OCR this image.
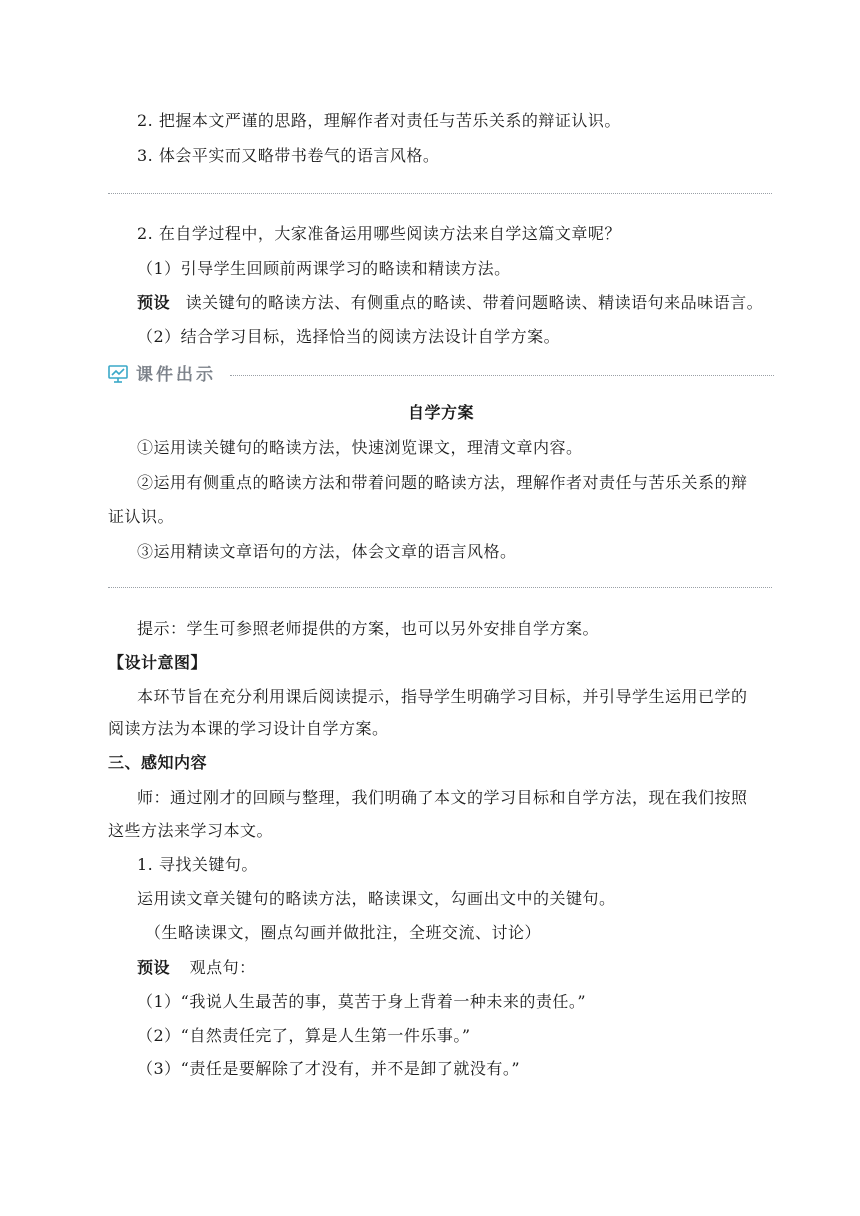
2. 把握本文严谨的思路，理解作者对责任与苦乐关系的辩证认识。
3. 体会平实而又略带书卷气的语言风格。
2. 在自学过程中，大家准备运用哪些阅读方法来自学这篇文章呢？
（1）引导学生回顾前两课学习的略读和精读方法。
预设 读关键句的略读方法、有侧重点的略读、带着问题略读、精读语句来品味语言。
（2）结合学习目标，选择恰当的阅读方法设计自学方案。
课件出示
自学方案
①运用读关键句的略读方法，快速浏览课文，理清文章内容。
②运用有侧重点的略读方法和带着问题的略读方法，理解作者对责任与苦乐关系的辩
证认识。
③运用精读文章语句的方法，体会文章的语言风格。
提示：学生可参照老师提供的方案，也可以另外安排自学方案。
【设计意图】
本环节旨在充分利用课后阅读提示，指导学生明确学习目标，并引导学生运用已学的
阅读方法为本课的学习设计自学方案。
三、感知内容
师：通过刚才的回顾与整理，我们明确了本文的学习目标和自学方法，现在我们按照
这些方法来学习本文。
1. 寻找关键句。
运用读文章关键句的略读方法，略读课文，勾画出文中的关键句。
（生略读课文，圈点勾画并做批注，全班交流、讨论）
预设 观点句：
（1）“我说人生最苦的事，莫苦于身上背着一种未来的责任。”
（2）“自然责任完了，算是人生第一件乐事。”
（3）“责任是要解除了才没有，并不是卸了就没有。”
